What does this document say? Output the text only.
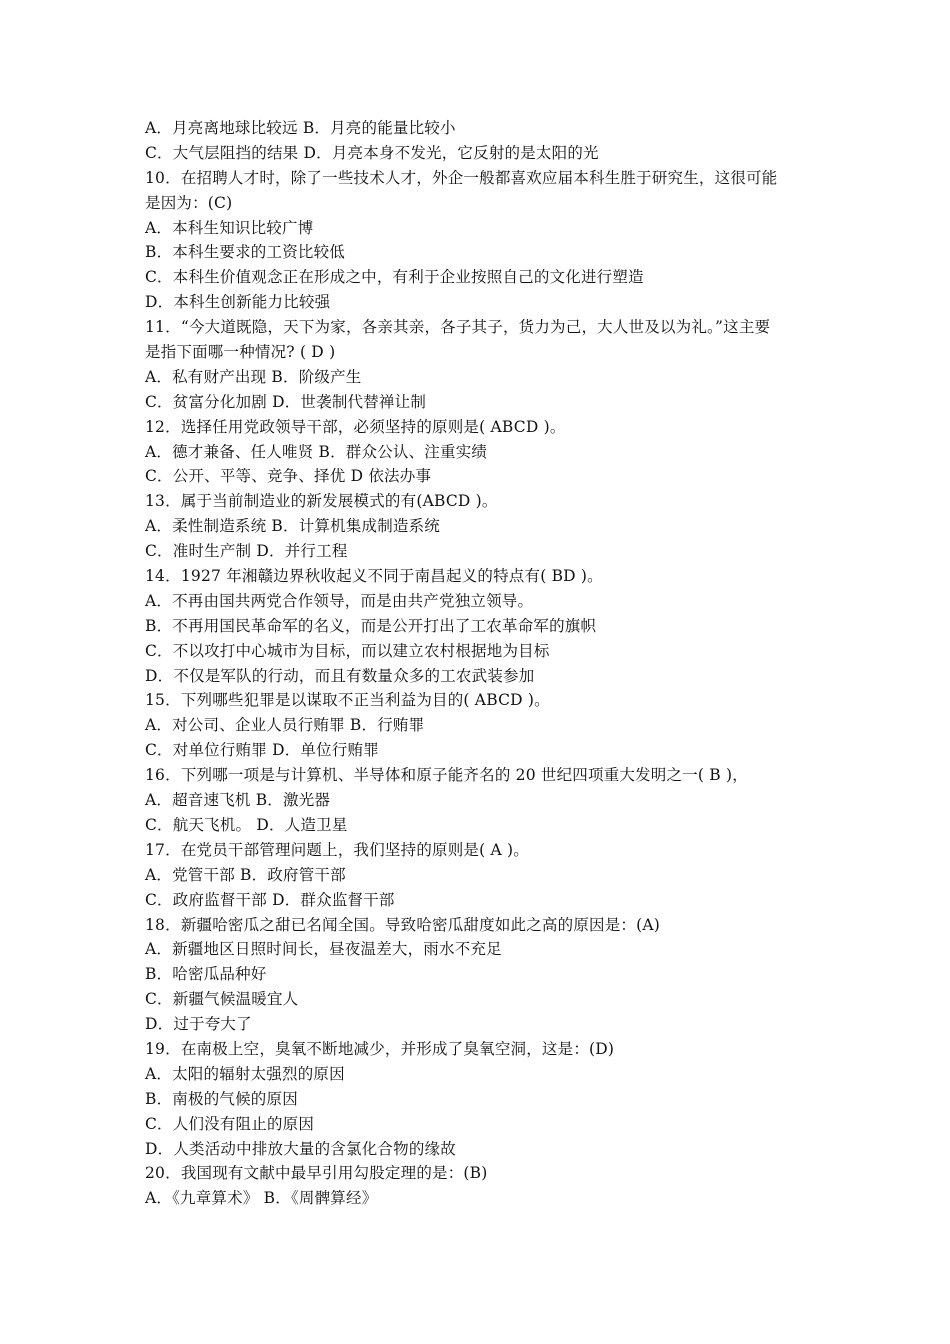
A．月亮离地球比较远 B．月亮的能量比较小
C．大气层阻挡的结果 D．月亮本身不发光，它反射的是太阳的光
10．在招聘人才时，除了一些技术人才，外企一般都喜欢应届本科生胜于研究生，这很可能
是因为：(C)
A．本科生知识比较广博
B．本科生要求的工资比较低
C．本科生价值观念正在形成之中，有利于企业按照自己的文化进行塑造
D．本科生创新能力比较强
11．“今大道既隐，天下为家，各亲其亲，各子其子，货力为己，大人世及以为礼。”这主要
是指下面哪一种情况? ( D )
A．私有财产出现 B．阶级产生
C．贫富分化加剧 D．世袭制代替禅让制
12．选择任用党政领导干部，必须坚持的原则是( ABCD )。
A．德才兼备、任人唯贤 B．群众公认、注重实绩
C．公开、平等、竞争、择优 D 依法办事
13．属于当前制造业的新发展模式的有(ABCD )。
A．柔性制造系统 B．计算机集成制造系统
C．准时生产制 D．并行工程
14．1927 年湘赣边界秋收起义不同于南昌起义的特点有( BD )。
A．不再由国共两党合作领导，而是由共产党独立领导。
B．不再用国民革命军的名义，而是公开打出了工农革命军的旗帜
C．不以攻打中心城市为目标，而以建立农村根据地为目标
D．不仅是军队的行动，而且有数量众多的工农武装参加
15．下列哪些犯罪是以谋取不正当利益为目的( ABCD )。
A．对公司、企业人员行贿罪 B．行贿罪
C．对单位行贿罪 D．单位行贿罪
16．下列哪一项是与计算机、半导体和原子能齐名的 20 世纪四项重大发明之一( B )，
A．超音速飞机 B．激光器
C．航天飞机。 D．人造卫星
17．在党员干部管理问题上，我们坚持的原则是( A )。
A．党管干部 B．政府管干部
C．政府监督干部 D．群众监督干部
18．新疆哈密瓜之甜已名闻全国。导致哈密瓜甜度如此之高的原因是：(A)
A．新疆地区日照时间长，昼夜温差大，雨水不充足
B．哈密瓜品种好
C．新疆气候温暖宜人
D．过于夸大了
19．在南极上空，臭氧不断地减少，并形成了臭氧空洞，这是：(D)
A．太阳的辐射太强烈的原因
B．南极的气候的原因
C．人们没有阻止的原因
D．人类活动中排放大量的含氯化合物的缘故
20．我国现有文献中最早引用勾股定理的是：(B)
A．《九章算术》 B．《周髀算经》
